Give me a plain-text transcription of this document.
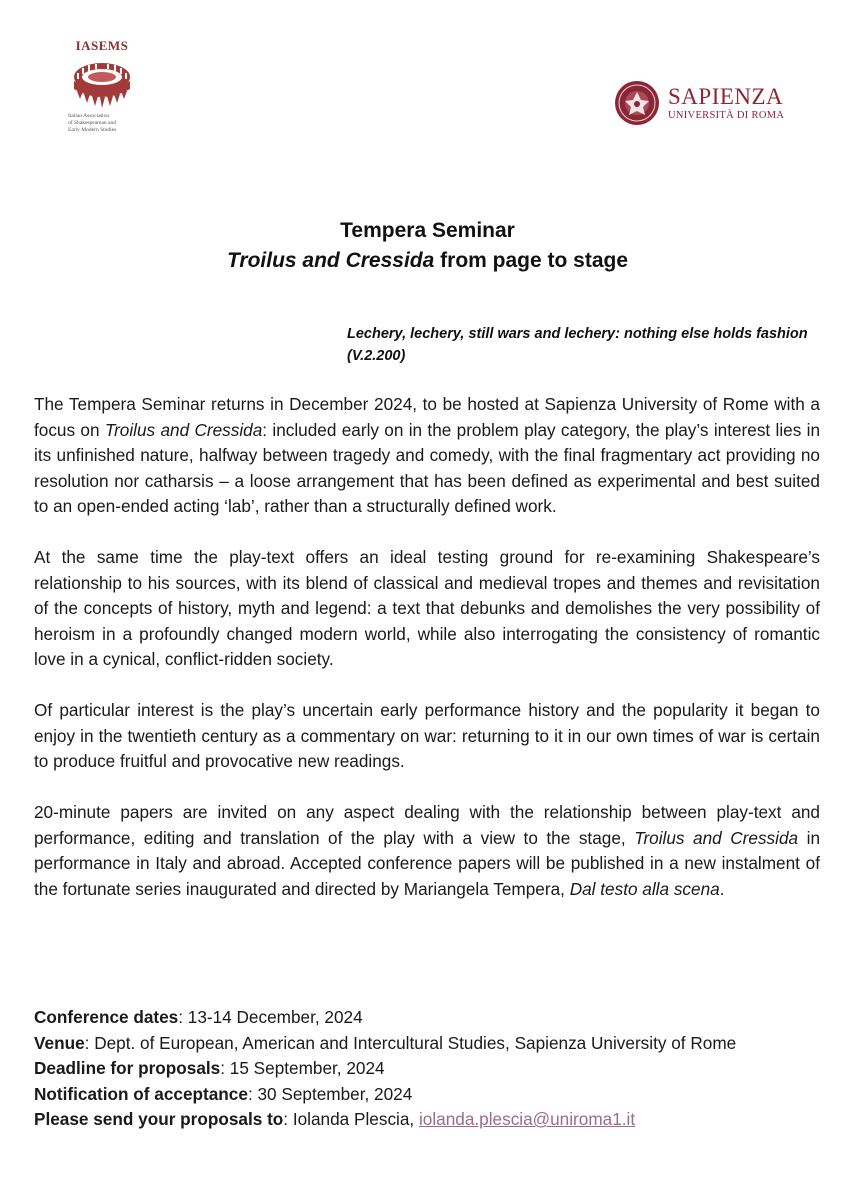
IASEMS
Italian Association
of Shakespearean and
Early Modern Studies
SAPIENZA
UNIVERSITÀ DI ROMA
Tempera Seminar
Troilus and Cressida from page to stage
Lechery, lechery, still wars and lechery: nothing else holds fashion (V.2.200)

The Tempera Seminar returns in December 2024, to be hosted at Sapienza University of Rome with a focus on Troilus and Cressida: included early on in the problem play category, the play’s interest lies in its unfinished nature, halfway between tragedy and comedy, with the final fragmentary act providing no resolution nor catharsis – a loose arrangement that has been defined as experimental and best suited to an open-ended acting ‘lab’, rather than a structurally defined work.

At the same time the play-text offers an ideal testing ground for re-examining Shakespeare’s relationship to his sources, with its blend of classical and medieval tropes and themes and revisitation of the concepts of history, myth and legend: a text that debunks and demolishes the very possibility of heroism in a profoundly changed modern world, while also interrogating the consistency of romantic love in a cynical, conflict-ridden society.

Of particular interest is the play’s uncertain early performance history and the popularity it began to enjoy in the twentieth century as a commentary on war: returning to it in our own times of war is certain to produce fruitful and provocative new readings.

20-minute papers are invited on any aspect dealing with the relationship between play-text and performance, editing and translation of the play with a view to the stage, Troilus and Cressida in performance in Italy and abroad. Accepted conference papers will be published in a new instalment of the fortunate series inaugurated and directed by Mariangela Tempera, Dal testo alla scena.

Conference dates: 13-14 December, 2024
Venue: Dept. of European, American and Intercultural Studies, Sapienza University of Rome
Deadline for proposals: 15 September, 2024
Notification of acceptance: 30 September, 2024
Please send your proposals to: Iolanda Plescia, iolanda.plescia@uniroma1.it
